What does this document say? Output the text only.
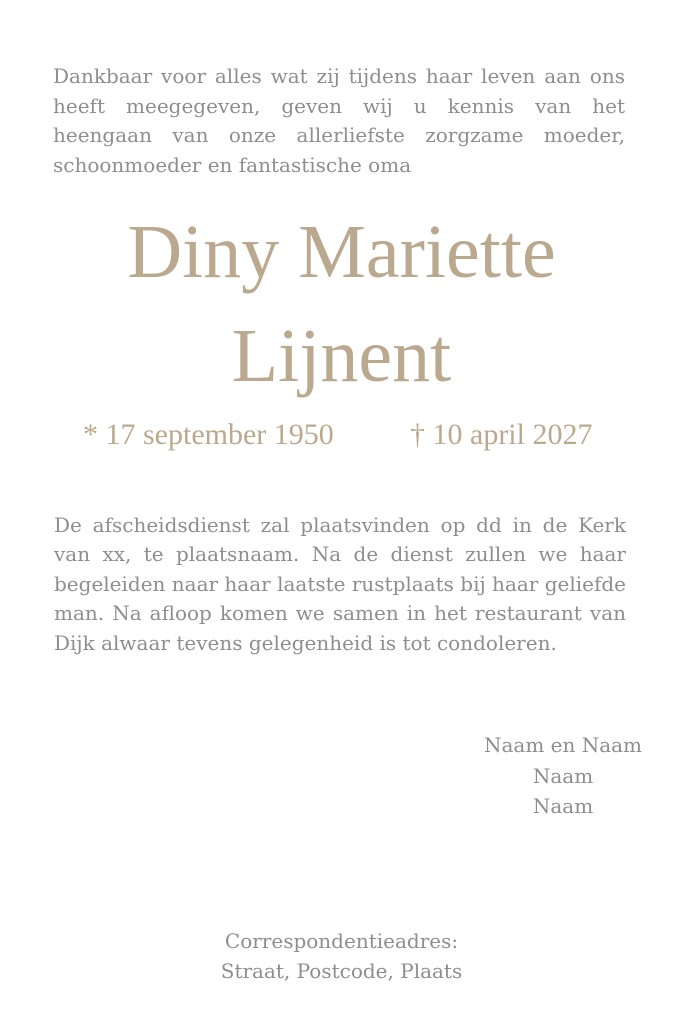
Dankbaar voor alles wat zij tijdens haar leven aan ons heeft meegegeven, geven wij u kennis van het heengaan van onze allerliefste zorgzame moeder, schoonmoeder en fantastische oma

Diny Mariette
Lijnent
* 17 september 1950	† 10 april 2027

De afscheidsdienst zal plaatsvinden op dd in de Kerk van xx, te plaatsnaam. Na de dienst zullen we haar begeleiden naar haar laatste rustplaats bij haar geliefde man. Na afloop komen we samen in het restaurant van Dijk alwaar tevens gelegenheid is tot condoleren.

Naam en Naam
Naam
Naam
Correspondentieadres:
Straat, Postcode, Plaats
